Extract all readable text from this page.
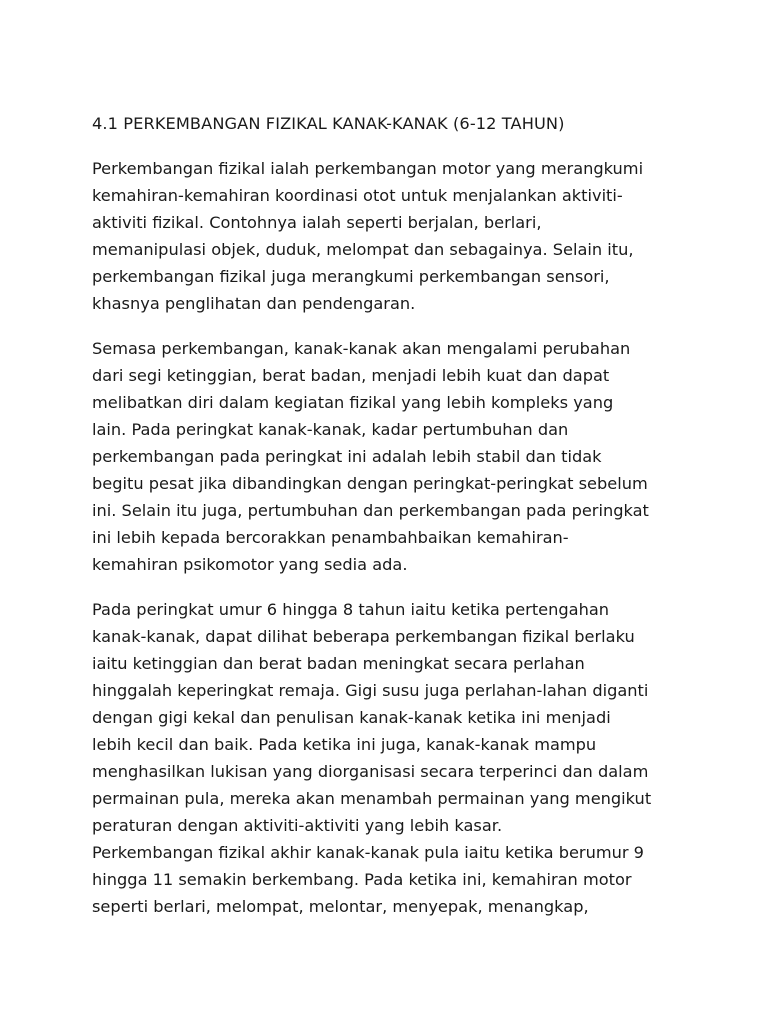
4.1 PERKEMBANGAN FIZIKAL KANAK-KANAK (6-12 TAHUN)
Perkembangan fizikal ialah perkembangan motor yang merangkumi
kemahiran-kemahiran koordinasi otot untuk menjalankan aktiviti-
aktiviti fizikal. Contohnya ialah seperti berjalan, berlari,
memanipulasi objek, duduk, melompat dan sebagainya. Selain itu,
perkembangan fizikal juga merangkumi perkembangan sensori,
khasnya penglihatan dan pendengaran.
Semasa perkembangan, kanak-kanak akan mengalami perubahan
dari segi ketinggian, berat badan, menjadi lebih kuat dan dapat
melibatkan diri dalam kegiatan fizikal yang lebih kompleks yang
lain. Pada peringkat kanak-kanak, kadar pertumbuhan dan
perkembangan pada peringkat ini adalah lebih stabil dan tidak
begitu pesat jika dibandingkan dengan peringkat-peringkat sebelum
ini. Selain itu juga, pertumbuhan dan perkembangan pada peringkat
ini lebih kepada bercorakkan penambahbaikan kemahiran-
kemahiran psikomotor yang sedia ada.
Pada peringkat umur 6 hingga 8 tahun iaitu ketika pertengahan
kanak-kanak, dapat dilihat beberapa perkembangan fizikal berlaku
iaitu ketinggian dan berat badan meningkat secara perlahan
hinggalah keperingkat remaja. Gigi susu juga perlahan-lahan diganti
dengan gigi kekal dan penulisan kanak-kanak ketika ini menjadi
lebih kecil dan baik. Pada ketika ini juga, kanak-kanak mampu
menghasilkan lukisan yang diorganisasi secara terperinci dan dalam
permainan pula, mereka akan menambah permainan yang mengikut
peraturan dengan aktiviti-aktiviti yang lebih kasar.
Perkembangan fizikal akhir kanak-kanak pula iaitu ketika berumur 9
hingga 11 semakin berkembang. Pada ketika ini, kemahiran motor
seperti berlari, melompat, melontar, menyepak, menangkap,
